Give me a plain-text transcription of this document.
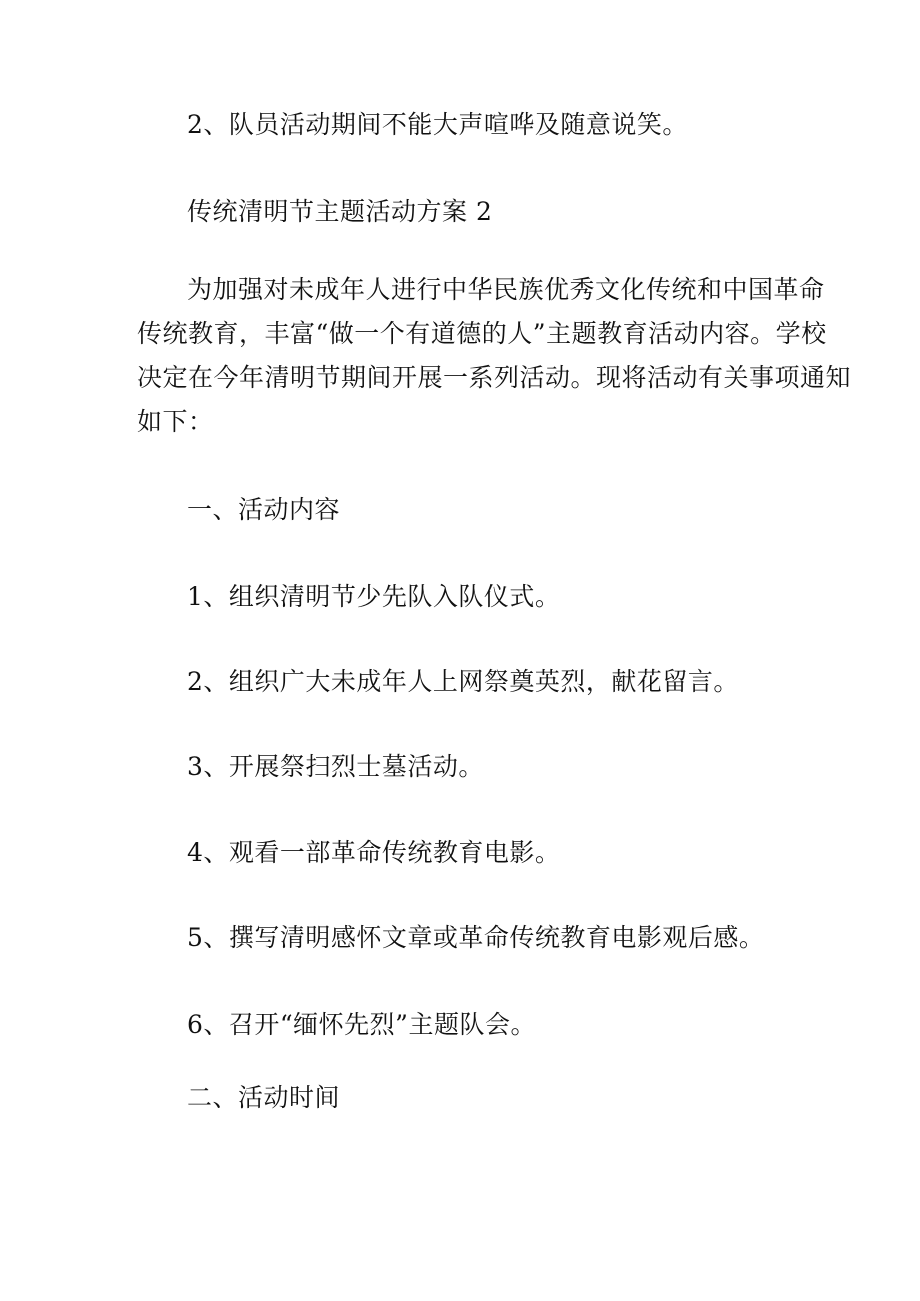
2、队员活动期间不能大声喧哗及随意说笑。

传统清明节主题活动方案 2

为加强对未成年人进行中华民族优秀文化传统和中国革命
传统教育，丰富“做一个有道德的人”主题教育活动内容。学校
决定在今年清明节期间开展一系列活动。现将活动有关事项通知
如下：

一、活动内容

1、组织清明节少先队入队仪式。

2、组织广大未成年人上网祭奠英烈，献花留言。

3、开展祭扫烈士墓活动。

4、观看一部革命传统教育电影。

5、撰写清明感怀文章或革命传统教育电影观后感。

6、召开“缅怀先烈”主题队会。

二、活动时间
